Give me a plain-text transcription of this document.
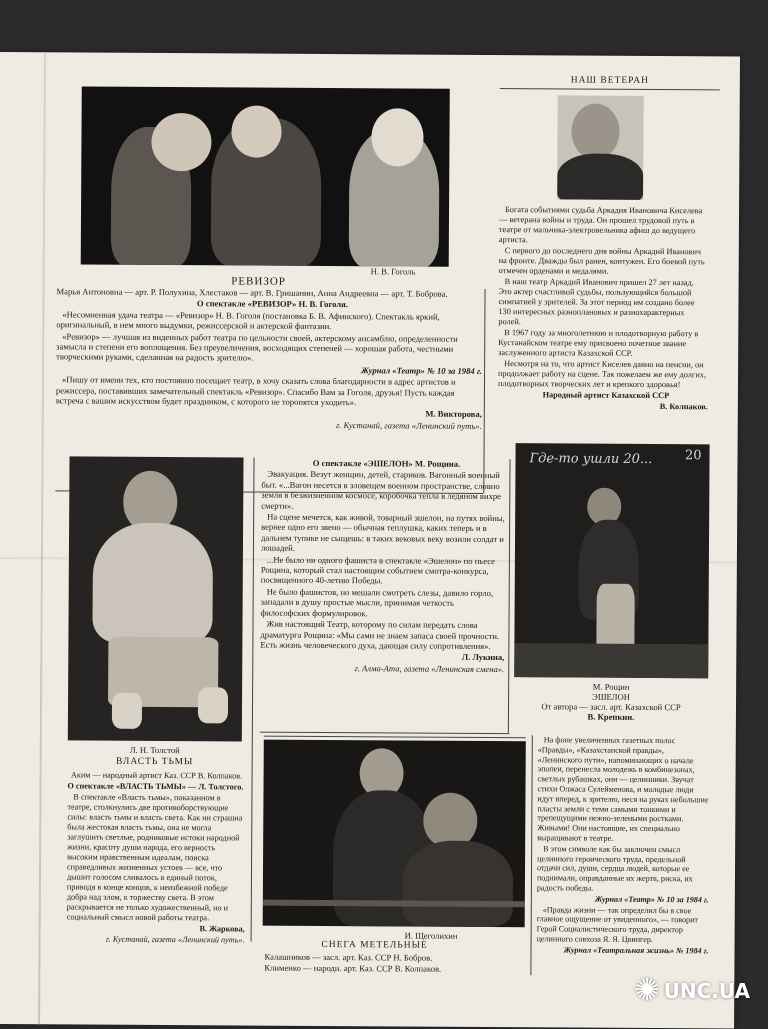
Н. В. Гоголь
РЕВИЗОР

Марья Антоновна — арт. Р. Полухина, Хлестаков — арт. В. Гришанин, Анна Андреевна — арт. Т. Боброва.

О спектакле «РЕВИЗОР» Н. В. Гоголя.

«Несомненная удача театра — «Ревизор» Н. В. Гоголя (постановка Б. В. Афинского). Спектакль яркий, оригинальный, в нем много выдумки, режиссерской и актерской фантазии.

«Ревизор» — лучшая из виденных работ театра по цельности своей, актерскому ансамблю, определенности замысла и степени его воплощения. Без преувеличения, восходящих степеней — хорошая работа, честными творческими руками, сделанная на радость зрителю».

Журнал «Театр» № 10 за 1984 г.

«Пишу от имени тех, кто постоянно посещает театр, в хочу сказать слова благодарности в адрес артистов и режиссера, поставивших замечательный спектакль «Ревизор». Спасибо Вам за Гоголя, друзья! Пусть каждая встреча с вашим искусством будет праздником, с которого не торопятся уходить».

М. Викторова,

г. Кустанай, газета «Ленинский путь».

НАШ ВЕТЕРАН

Богата событиями судьба Аркадия Ивановича Киселева — ветерана войны и труда. Он прошел трудовой путь в театре от мальчика-электровельника афиш до ведущего артиста.

С первого до последнего дня войны Аркадий Иванович на фронте. Дважды был ранен, контужен. Его боевой путь отмечен орденами и медалями.

В наш театр Аркадий Иванович пришел 27 лет назад. Это актер счастливой судьбы, пользующийся большой симпатией у зрителей. За этот период им создано более 130 интересных разноплановых и разнохарактерных ролей.

В 1967 году за многолетнюю и плодотворную работу в Кустанайском театре ему присвоено почетное звание заслуженного артиста Казахской ССР.

Несмотря на то, что артист Киселев давно на пенсии, он продолжает работу на сцене. Так пожелаем же ему долгих, плодотворных творческих лет и крепкого здоровья!

Народный артист Казахской ССР

В. Колпаков.

Л. Н. Толстой
ВЛАСТЬ ТЬМЫ

Аким — народный артист Каз. ССР В. Колпаков.

О спектакле «ВЛАСТЬ ТЬМЫ» — Л. Толстого.

В спектакле «Власть тьмы», показанном в театре, столкнулись две противоборствующие силы: власть тьмы и власть света. Как ни страшна была жестокая власть тьмы, она не могла заглушить светлые, родниковые истоки народной жизни, красоту души народа, его верность высоким нравственным идеалам, поиска справедливых жизненных устоев — все, что дышит голосом сливалось в единый поток, приводя в конце концов, к неизбежной победе добра над злом, к торжеству света. В этом раскрывается не только художественный, но и социальный смысл новой работы театра.

В. Жаркова,

г. Кустанай, газета «Ленинский путь».

О спектакле «ЭШЕЛОН» М. Рощина.

Эвакуация. Везут женщин, детей, стариков. Вагонный военный быт. «...Вагон несется в зловещем военном пространстве, словно земля в безжизненном космосе, коробочка тепла в ледяном вихре смерти».

На сцене мечется, как живой, товарный эшелон, на путях войны, вернее одно его звено — обычная теплушка, каких теперь и в дальнем тупике не сыщешь: в таких вековых веку возили солдат и лошадей.

...Не было ни одного фашиста в спектакле «Эшелон» по пьесе Рощина, который стал настоящим событием смотра-конкурса, посвященного 40-летию Победы.

Не было фашистов, но мешали смотреть слезы, давило горло, западали в душу простые мысли, принимая четкость философских формулировок.

Жив настоящий Театр, которому по силам передать слова драматурга Рощина: «Мы сами не знаем запаса своей прочности. Есть жизнь человеческого духа, дающая силу сопротивления».

Л. Лукина,

г. Алма-Ата, газета «Ленинская смена».

Где-то ушли 20...	20
М. Рощин
ЭШЕЛОН
От автора — засл. арт. Казахской ССР
В. Крепкин.
И. Щеголихин
СНЕГА МЕТЕЛЬНЫЕ

Калашников — засл. арт. Каз. ССР Н. Бобров.

Клименко — народн. арт. Каз. ССР В. Колпаков.

На фоне увеличенных газетных полос «Правды», «Казахстанской правды», «Ленинского пути», напоминающих о начале эпопеи, перенесла молодежь в комбинезонах, светлых рубашках, они — целинники. Звучат стихи Олжаса Сулейменова, и молодые люди идут вперед, к зрителю, неся на руках небольшие пласты земли с теми самыми тонкими и трепещущими нежно-зелеными ростками. Живыми! Они настоящие, их специально выращивают в театре.

В этом символе как бы заключен смысл целинного героического труда, предельной отдачи сил, души, сердца людей, которые ее поднимали, оправданные их жертв, риска, их радость победы.

Журнал «Театр» № 10 за 1984 г.

«Правда жизни — так определил бы я свое главное ощущение от увиденного», — говорит Герой Социалистического труда, директор целинного совхоза Я. Я. Цвингер.

Журнал «Театральная жизнь» № 1984 г.

✺ UNC.UA
